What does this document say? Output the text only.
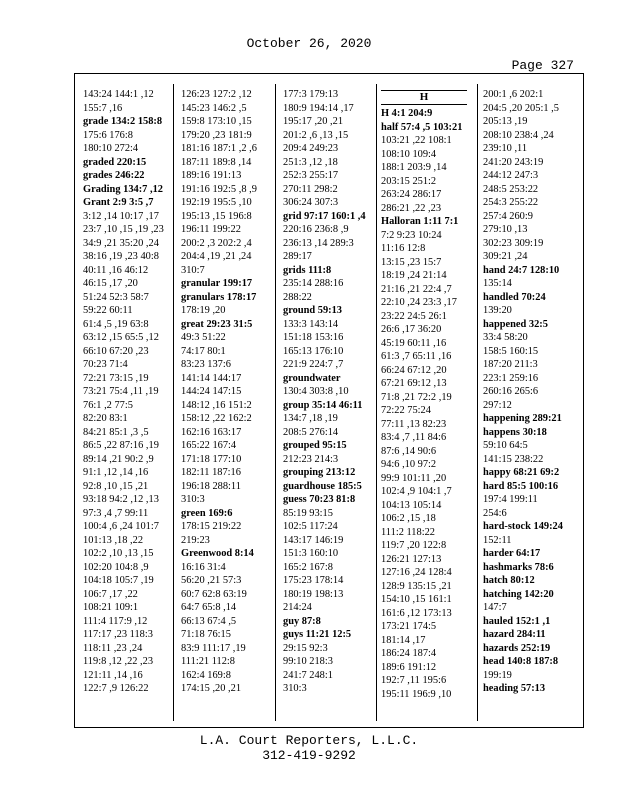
October 26, 2020
Page 327
143:24 144:1 ,12
155:7 ,16
grade 134:2 158:8
175:6 176:8
180:10 272:4
graded 220:15
grades 246:22
Grading 134:7 ,12
Grant 2:9 3:5 ,7
3:12 ,14 10:17 ,17
23:7 ,10 ,15 ,19 ,23
34:9 ,21 35:20 ,24
38:16 ,19 ,23 40:8
40:11 ,16 46:12
46:15 ,17 ,20
51:24 52:3 58:7
59:22 60:11
61:4 ,5 ,19 63:8
63:12 ,15 65:5 ,12
66:10 67:20 ,23
70:23 71:4
72:21 73:15 ,19
73:21 75:4 ,11 ,19
76:1 ,2 77:5
82:20 83:1
84:21 85:1 ,3 ,5
86:5 ,22 87:16 ,19
89:14 ,21 90:2 ,9
91:1 ,12 ,14 ,16
92:8 ,10 ,15 ,21
93:18 94:2 ,12 ,13
97:3 ,4 ,7 99:11
100:4 ,6 ,24 101:7
101:13 ,18 ,22
102:2 ,10 ,13 ,15
102:20 104:8 ,9
104:18 105:7 ,19
106:7 ,17 ,22
108:21 109:1
111:4 117:9 ,12
117:17 ,23 118:3
118:11 ,23 ,24
119:8 ,12 ,22 ,23
121:11 ,14 ,16
122:7 ,9 126:22
126:23 127:2 ,12
145:23 146:2 ,5
159:8 173:10 ,15
179:20 ,23 181:9
181:16 187:1 ,2 ,6
187:11 189:8 ,14
189:16 191:13
191:16 192:5 ,8 ,9
192:19 195:5 ,10
195:13 ,15 196:8
196:11 199:22
200:2 ,3 202:2 ,4
204:4 ,19 ,21 ,24
310:7
granular 199:17
granulars 178:17
178:19 ,20
great 29:23 31:5
49:3 51:22
74:17 80:1
83:23 137:6
141:14 144:17
144:24 147:15
148:12 ,16 151:2
158:12 ,22 162:2
162:16 163:17
165:22 167:4
171:18 177:10
182:11 187:16
196:18 288:11
310:3
green 169:6
178:15 219:22
219:23
Greenwood 8:14
16:16 31:4
56:20 ,21 57:3
60:7 62:8 63:19
64:7 65:8 ,14
66:13 67:4 ,5
71:18 76:15
83:9 111:17 ,19
111:21 112:8
162:4 169:8
174:15 ,20 ,21
177:3 179:13
180:9 194:14 ,17
195:17 ,20 ,21
201:2 ,6 ,13 ,15
209:4 249:23
251:3 ,12 ,18
252:3 255:17
270:11 298:2
306:24 307:3
grid 97:17 160:1 ,4
220:16 236:8 ,9
236:13 ,14 289:3
289:17
grids 111:8
235:14 288:16
288:22
ground 59:13
133:3 143:14
151:18 153:16
165:13 176:10
221:9 224:7 ,7
groundwater
130:4 303:8 ,10
group 35:14 46:11
134:7 ,18 ,19
208:5 276:14
grouped 95:15
212:23 214:3
grouping 213:12
guardhouse 185:5
guess 70:23 81:8
85:19 93:15
102:5 117:24
143:17 146:19
151:3 160:10
165:2 167:8
175:23 178:14
180:19 198:13
214:24
guy 87:8
guys 11:21 12:5
29:15 92:3
99:10 218:3
241:7 248:1
310:3
H
H 4:1 204:9
half 57:4 ,5 103:21
103:21 ,22 108:1
108:10 109:4
188:1 203:9 ,14
203:15 251:2
263:24 286:17
286:21 ,22 ,23
Halloran 1:11 7:1
7:2 9:23 10:24
11:16 12:8
13:15 ,23 15:7
18:19 ,24 21:14
21:16 ,21 22:4 ,7
22:10 ,24 23:3 ,17
23:22 24:5 26:1
26:6 ,17 36:20
45:19 60:11 ,16
61:3 ,7 65:11 ,16
66:24 67:12 ,20
67:21 69:12 ,13
71:8 ,21 72:2 ,19
72:22 75:24
77:11 ,13 82:23
83:4 ,7 ,11 84:6
87:6 ,14 90:6
94:6 ,10 97:2
99:9 101:11 ,20
102:4 ,9 104:1 ,7
104:13 105:14
106:2 ,15 ,18
111:2 118:22
119:7 ,20 122:8
126:21 127:13
127:16 ,24 128:4
128:9 135:15 ,21
154:10 ,15 161:1
161:6 ,12 173:13
173:21 174:5
181:14 ,17
186:24 187:4
189:6 191:12
192:7 ,11 195:6
195:11 196:9 ,10
200:1 ,6 202:1
204:5 ,20 205:1 ,5
205:13 ,19
208:10 238:4 ,24
239:10 ,11
241:20 243:19
244:12 247:3
248:5 253:22
254:3 255:22
257:4 260:9
279:10 ,13
302:23 309:19
309:21 ,24
hand 24:7 128:10
135:14
handled 70:24
139:20
happened 32:5
33:4 58:20
158:5 160:15
187:20 211:3
223:1 259:16
260:16 265:6
297:12
happening 289:21
happens 30:18
59:10 64:5
141:15 238:22
happy 68:21 69:2
hard 85:5 100:16
197:4 199:11
254:6
hard-stock 149:24
152:11
harder 64:17
hashmarks 78:6
hatch 80:12
hatching 142:20
147:7
hauled 152:1 ,1
hazard 284:11
hazards 252:19
head 140:8 187:8
199:19
heading 57:13
L.A. Court Reporters, L.L.C.
312-419-9292
